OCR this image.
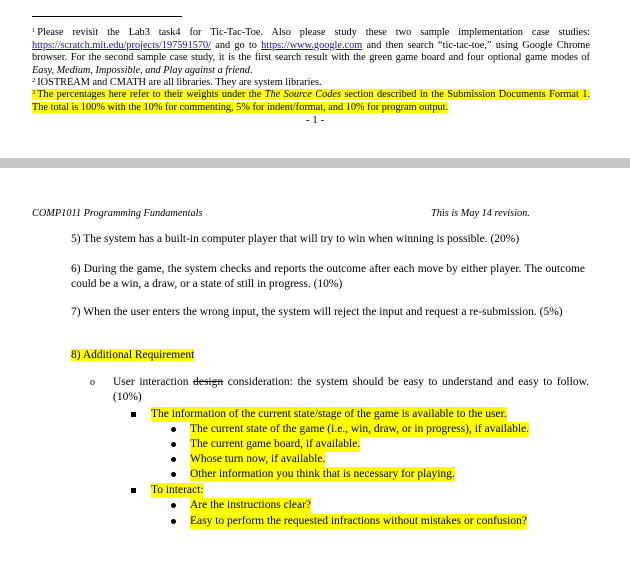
$^1$ Please revisit the Lab3 task4 for Tic-Tac-Toe. Also please study these two sample implementation case studies: https://scratch.mit.edu/projects/197591570/ and go to https://www.google.com and then search “tic-tac-toe,” using Google Chrome browser. For the second sample case study, it is the first search result with the green game board and four optional game modes of Easy, Medium, Impossible, and Play against a friend.
$^2$ IOSTREAM and CMATH are all libraries. They are system libraries.
$^3$ The percentages here refer to their weights under the The Source Codes section described in the Submission Documents Format 1. The total is 100% with the 10% for commenting, 5% for indent/format, and 10% for program output.
- 1 -
COMP1011 Programming Fundamentals	This is May 14 revision.
5) The system has a built-in computer player that will try to win when winning is possible. (20%)
6) During the game, the system checks and reports the outcome after each move by either player. The outcome could be a win, a draw, or a state of still in progress. (10%)
7) When the user enters the wrong input, the system will reject the input and request a re-submission. (5%)
8) Additional Requirement
o User interaction design consideration: the system should be easy to understand and easy to follow. (10%)
The information of the current state/stage of the game is available to the user.
The current state of the game (i.e., win, draw, or in progress), if available.
The current game board, if available.
Whose turn now, if available.
Other information you think that is necessary for playing.
To interact:
Are the instructions clear?
Easy to perform the requested infractions without mistakes or confusion?
